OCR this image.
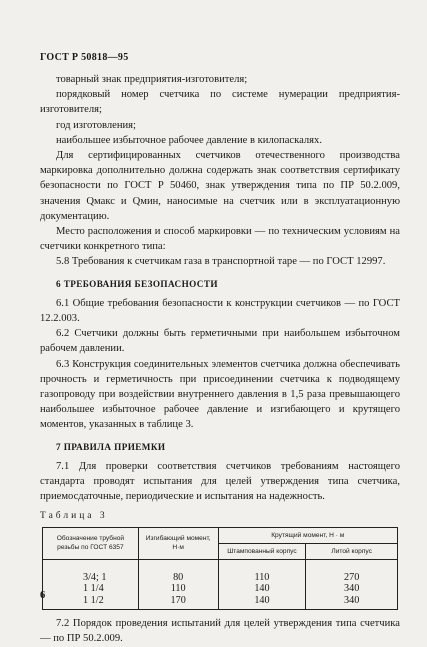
ГОСТ Р 50818—95

товарный знак предприятия-изготовителя;

порядковый номер счетчика по системе нумерации предприятия-изготовителя;

год изготовления;

наибольшее избыточное рабочее давление в килопаскалях.

Для сертифицированных счетчиков отечественного производства маркировка дополнительно должна содержать знак соответствия сертификату безопасности по ГОСТ Р 50460, знак утверждения типа по ПР 50.2.009, значения Qмакс и Qмин, наносимые на счетчик или в эксплуатационную документацию.

Место расположения и способ маркировки — по техническим условиям на счетчики конкретного типа:

5.8 Требования к счетчикам газа в транспортной таре — по ГОСТ 12997.

6 ТРЕБОВАНИЯ БЕЗОПАСНОСТИ

6.1 Общие требования безопасности к конструкции счетчиков — по ГОСТ 12.2.003.

6.2 Счетчики должны быть герметичными при наибольшем избыточном рабочем давлении.

6.3 Конструкция соединительных элементов счетчика должна обеспечивать прочность и герметичность при присоединении счетчика к подводящему газопроводу при воздействии внутреннего давления в 1,5 раза превышающего наибольшее избыточное рабочее давление и изгибающего и крутящего моментов, указанных в таблице 3.

7 ПРАВИЛА ПРИЕМКИ

7.1 Для проверки соответствия счетчиков требованиям настоящего стандарта проводят испытания для целей утверждения типа счетчика, приемосдаточные, периодические и испытания на надежность.

Таблица 3
Обозначение трубной резьбы по ГОСТ 6357	Изгибающий момент, Н·м	Крутящий момент, Н · м	
		Штампованный корпус	Литой корпус
3/4; 1	80	110	270
1 1/4	110	140	340
1 1/2	170	140	340

7.2 Порядок проведения испытаний для целей утверждения типа счетчика — по ПР 50.2.009.

6
